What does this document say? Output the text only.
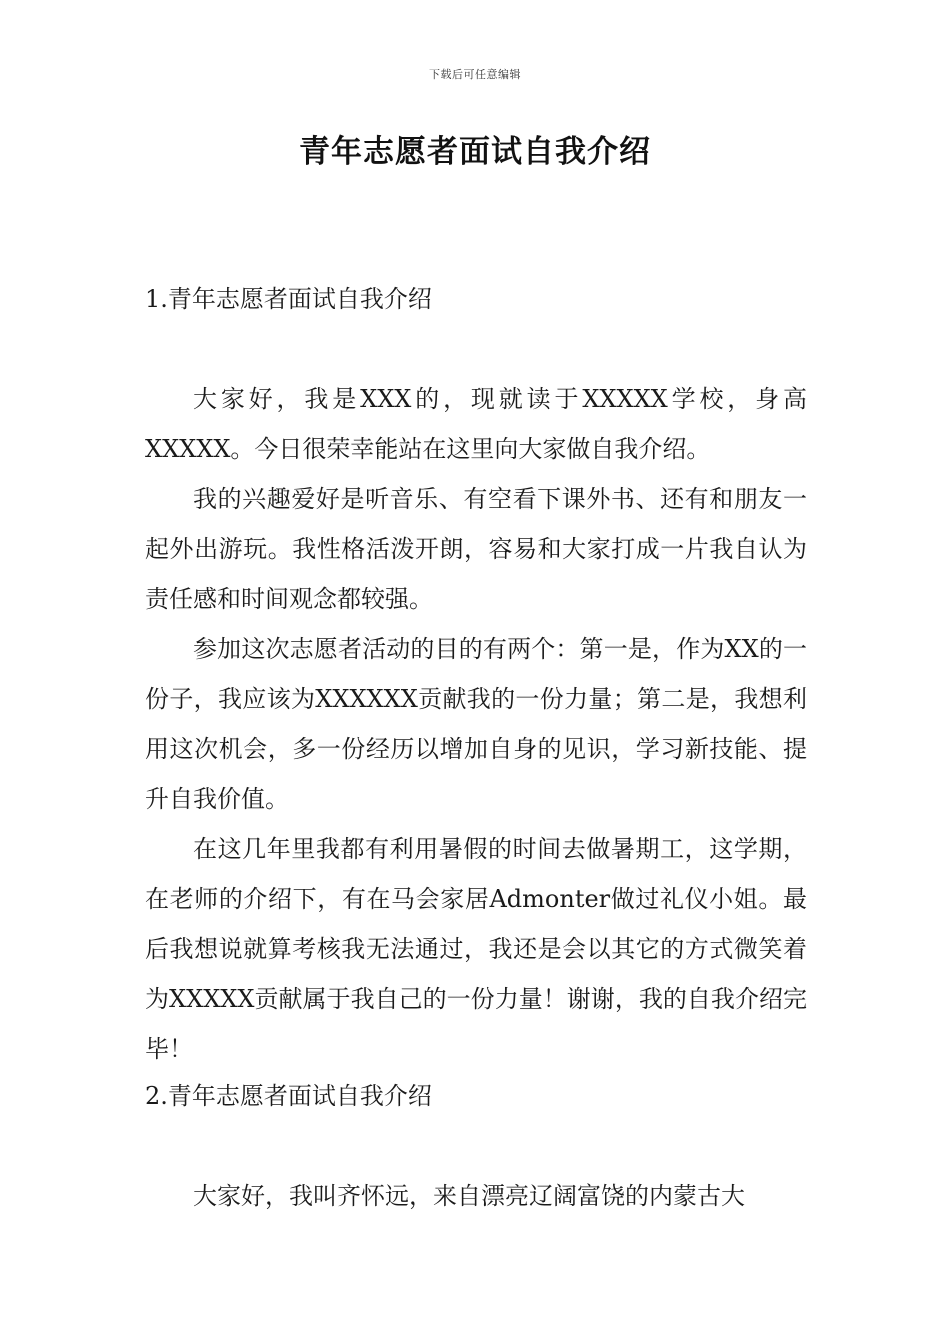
下载后可任意编辑
青年志愿者面试自我介绍

1.青年志愿者面试自我介绍

大家好，我是XXX的，现就读于XXXXX学校，身高XXXXX。今日很荣幸能站在这里向大家做自我介绍。

我的兴趣爱好是听音乐、有空看下课外书、还有和朋友一起外出游玩。我性格活泼开朗，容易和大家打成一片我自认为责任感和时间观念都较强。

参加这次志愿者活动的目的有两个：第一是，作为XX的一份子，我应该为XXXXXX贡献我的一份力量；第二是，我想利用这次机会，多一份经历以增加自身的见识，学习新技能、提升自我价值。

在这几年里我都有利用暑假的时间去做暑期工，这学期，在老师的介绍下，有在马会家居Admonter做过礼仪小姐。最后我想说就算考核我无法通过，我还是会以其它的方式微笑着为XXXXX贡献属于我自己的一份力量！谢谢，我的自我介绍完毕！

2.青年志愿者面试自我介绍

大家好，我叫齐怀远，来自漂亮辽阔富饶的内蒙古大
